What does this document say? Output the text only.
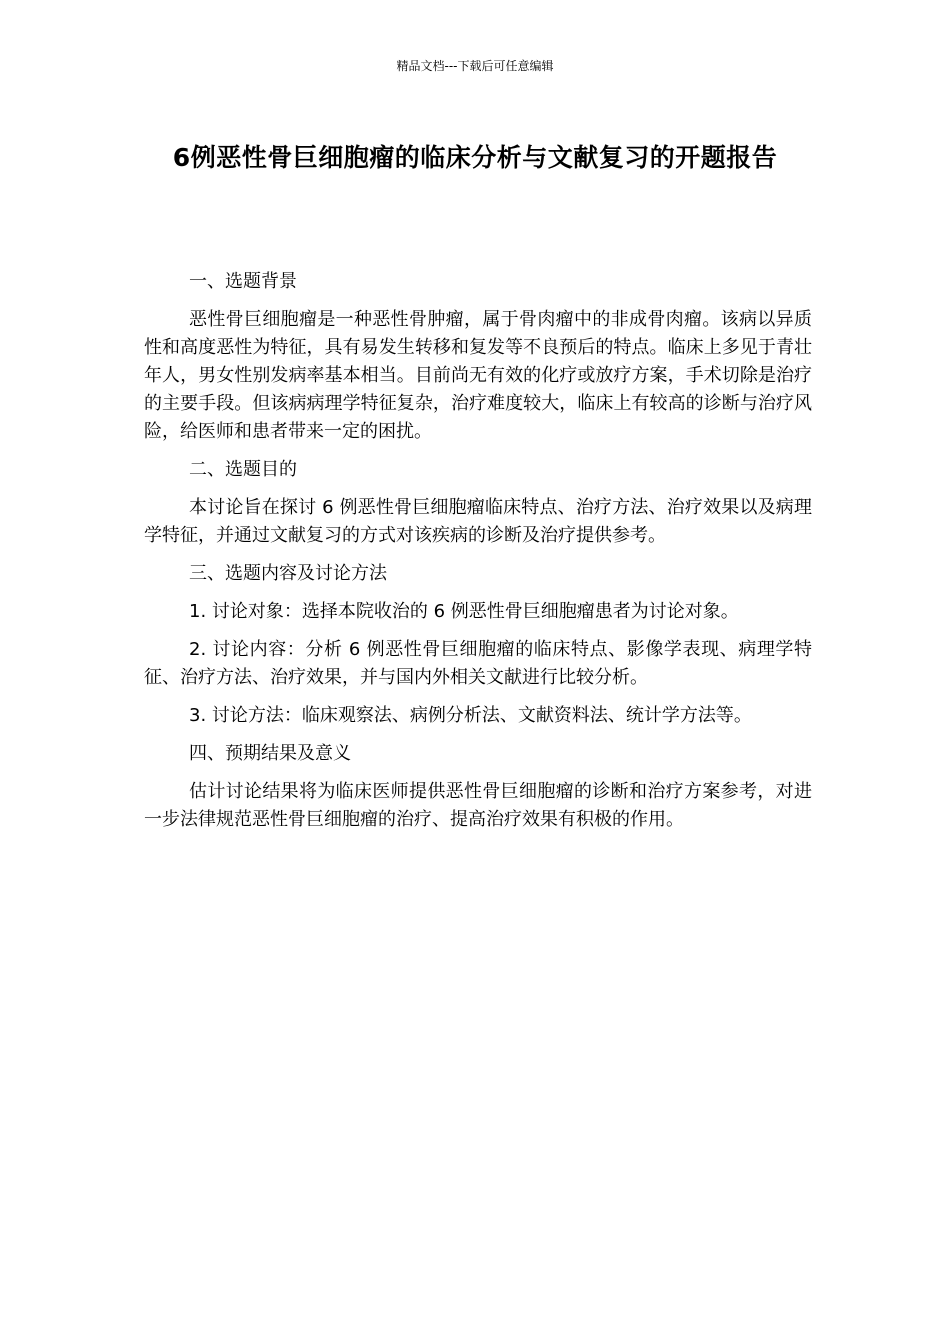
精品文档---下载后可任意编辑
6例恶性骨巨细胞瘤的临床分析与文献复习的开题报告

一、选题背景

恶性骨巨细胞瘤是一种恶性骨肿瘤，属于骨肉瘤中的非成骨肉瘤。该病以异质性和高度恶性为特征，具有易发生转移和复发等不良预后的特点。临床上多见于青壮年人，男女性别发病率基本相当。目前尚无有效的化疗或放疗方案，手术切除是治疗的主要手段。但该病病理学特征复杂，治疗难度较大，临床上有较高的诊断与治疗风险，给医师和患者带来一定的困扰。

二、选题目的

本讨论旨在探讨 6 例恶性骨巨细胞瘤临床特点、治疗方法、治疗效果以及病理学特征，并通过文献复习的方式对该疾病的诊断及治疗提供参考。

三、选题内容及讨论方法

1. 讨论对象：选择本院收治的 6 例恶性骨巨细胞瘤患者为讨论对象。

2. 讨论内容：分析 6 例恶性骨巨细胞瘤的临床特点、影像学表现、病理学特征、治疗方法、治疗效果，并与国内外相关文献进行比较分析。

3. 讨论方法：临床观察法、病例分析法、文献资料法、统计学方法等。

四、预期结果及意义

估计讨论结果将为临床医师提供恶性骨巨细胞瘤的诊断和治疗方案参考，对进一步法律规范恶性骨巨细胞瘤的治疗、提高治疗效果有积极的作用。
